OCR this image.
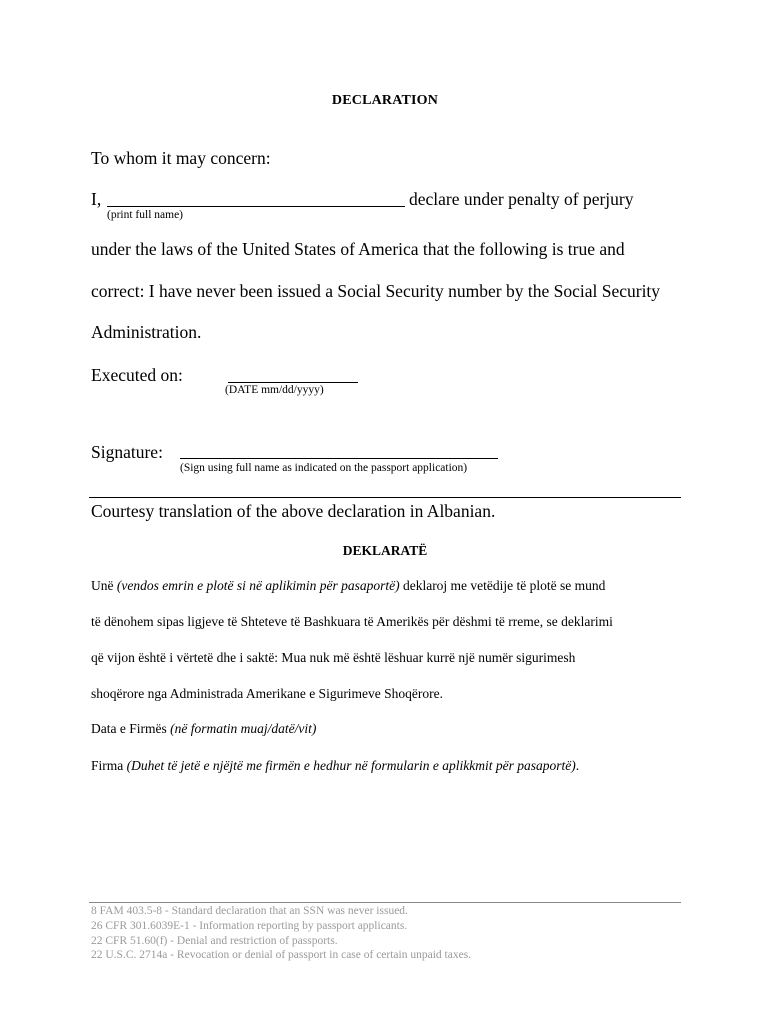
DECLARATION
To whom it may concern:
I,	declare under penalty of perjury
(print full name)
under the laws of the United States of America that the following is true and
correct: I have never been issued a Social Security number by the Social Security
Administration.
Executed on:
(DATE mm/dd/yyyy)
Signature:
(Sign using full name as indicated on the passport application)
Courtesy translation of the above declaration in Albanian.
DEKLARATË
Unë (vendos emrin e plotë si në aplikimin për pasaportë) deklaroj me vetëdije të plotë se mund
të dënohem sipas ligjeve të Shteteve të Bashkuara të Amerikës për dëshmi të rreme, se deklarimi
që vijon është i vërtetë dhe i saktë: Mua nuk më është lëshuar kurrë një numër sigurimesh
shoqërore nga Administrada Amerikane e Sigurimeve Shoqërore.
Data e Firmës (në formatin muaj/datë/vit)
Firma (Duhet të jetë e njëjtë me firmën e hedhur në formularin e aplikkmit për pasaportë).
8 FAM 403.5-8 - Standard declaration that an SSN was never issued.
26 CFR 301.6039E-1 - Information reporting by passport applicants.
22 CFR 51.60(f) - Denial and restriction of passports.
22 U.S.C. 2714a - Revocation or denial of passport in case of certain unpaid taxes.
